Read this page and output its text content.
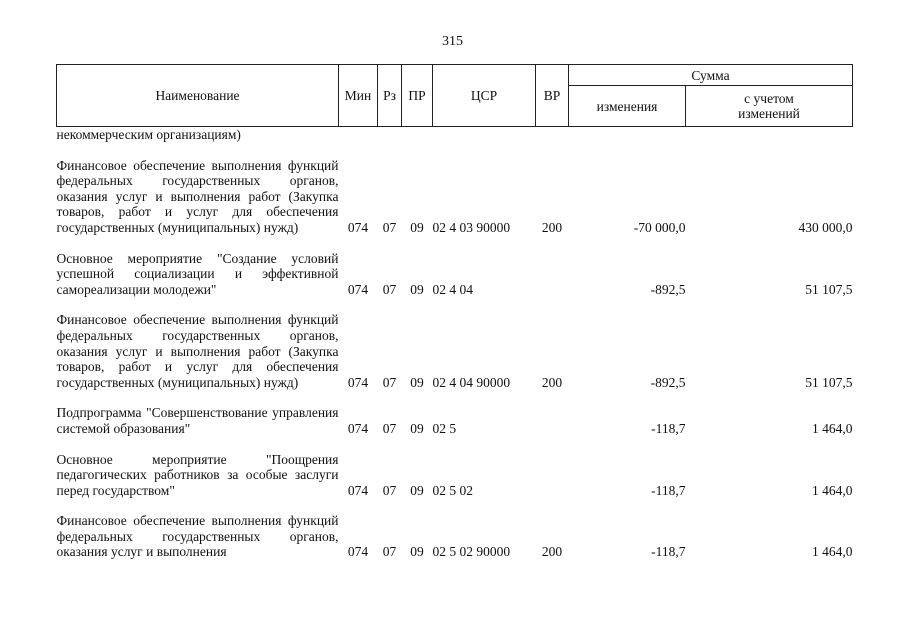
315
Наименование	Мин	Рз	ПР	ЦСР	ВР	Сумма	
						изменения	с учетом
изменений
некоммерческим организациям)							

Финансовое обеспечение выполнения функций федеральных государственных органов, оказания услуг и выполнения работ (Закупка товаров, работ и услуг для обеспечения государственных (муниципальных) нужд)	074	07	09	02 4 03 90000	200	-70 000,0	430 000,0

Основное мероприятие "Создание условий успешной социализации и эффективной самореализации молодежи"	074	07	09	02 4 04		-892,5	51 107,5

Финансовое обеспечение выполнения функций федеральных государственных органов, оказания услуг и выполнения работ (Закупка товаров, работ и услуг для обеспечения государственных (муниципальных) нужд)	074	07	09	02 4 04 90000	200	-892,5	51 107,5

Подпрограмма "Совершенствование управления системой образования"	074	07	09	02 5		-118,7	1 464,0

Основное мероприятие "Поощрения педагогических работников за особые заслуги перед государством"	074	07	09	02 5 02		-118,7	1 464,0

Финансовое обеспечение выполнения функций федеральных государственных органов, оказания услуг и выполнения	074	07	09	02 5 02 90000	200	-118,7	1 464,0
